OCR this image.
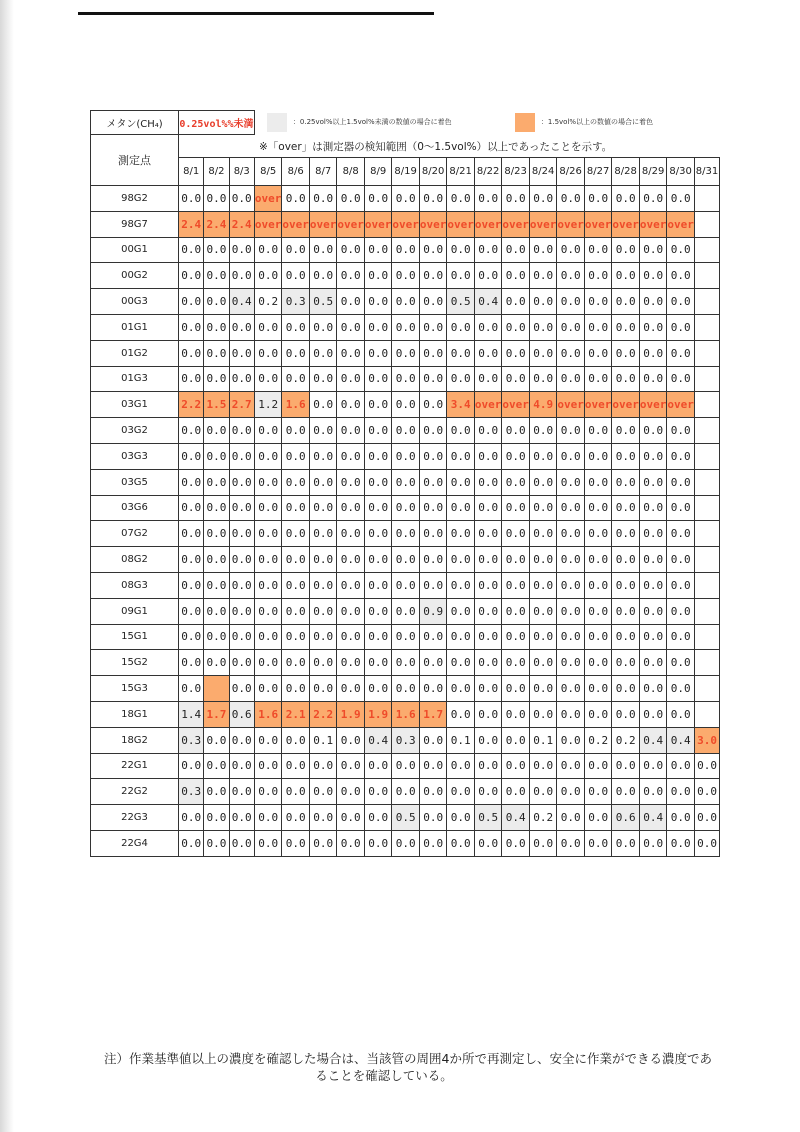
メタン(CH₄)	0.25vol%%未満			：0.25vol%以上1.5vol%未満の数値の場合に着色 ：1.5vol%以上の数値の場合に着色																

測定点	※「over」は測定器の検知範囲（0～1.5vol%）以上であったことを示す。																			
	8/1	8/2	8/3	8/5	8/6	8/7	8/8	8/9	8/19	8/20	8/21	8/22	8/23	8/24	8/26	8/27	8/28	8/29	8/30	8/31
98G2	0.0	0.0	0.0	over	0.0	0.0	0.0	0.0	0.0	0.0	0.0	0.0	0.0	0.0	0.0	0.0	0.0	0.0	0.0	
98G7	2.4	2.4	2.4	over	over	over	over	over	over	over	over	over	over	over	over	over	over	over	over	
00G1	0.0	0.0	0.0	0.0	0.0	0.0	0.0	0.0	0.0	0.0	0.0	0.0	0.0	0.0	0.0	0.0	0.0	0.0	0.0	
00G2	0.0	0.0	0.0	0.0	0.0	0.0	0.0	0.0	0.0	0.0	0.0	0.0	0.0	0.0	0.0	0.0	0.0	0.0	0.0	
00G3	0.0	0.0	0.4	0.2	0.3	0.5	0.0	0.0	0.0	0.0	0.5	0.4	0.0	0.0	0.0	0.0	0.0	0.0	0.0	
01G1	0.0	0.0	0.0	0.0	0.0	0.0	0.0	0.0	0.0	0.0	0.0	0.0	0.0	0.0	0.0	0.0	0.0	0.0	0.0	
01G2	0.0	0.0	0.0	0.0	0.0	0.0	0.0	0.0	0.0	0.0	0.0	0.0	0.0	0.0	0.0	0.0	0.0	0.0	0.0	
01G3	0.0	0.0	0.0	0.0	0.0	0.0	0.0	0.0	0.0	0.0	0.0	0.0	0.0	0.0	0.0	0.0	0.0	0.0	0.0	
03G1	2.2	1.5	2.7	1.2	1.6	0.0	0.0	0.0	0.0	0.0	3.4	over	over	4.9	over	over	over	over	over	
03G2	0.0	0.0	0.0	0.0	0.0	0.0	0.0	0.0	0.0	0.0	0.0	0.0	0.0	0.0	0.0	0.0	0.0	0.0	0.0	
03G3	0.0	0.0	0.0	0.0	0.0	0.0	0.0	0.0	0.0	0.0	0.0	0.0	0.0	0.0	0.0	0.0	0.0	0.0	0.0	
03G5	0.0	0.0	0.0	0.0	0.0	0.0	0.0	0.0	0.0	0.0	0.0	0.0	0.0	0.0	0.0	0.0	0.0	0.0	0.0	
03G6	0.0	0.0	0.0	0.0	0.0	0.0	0.0	0.0	0.0	0.0	0.0	0.0	0.0	0.0	0.0	0.0	0.0	0.0	0.0	
07G2	0.0	0.0	0.0	0.0	0.0	0.0	0.0	0.0	0.0	0.0	0.0	0.0	0.0	0.0	0.0	0.0	0.0	0.0	0.0	
08G2	0.0	0.0	0.0	0.0	0.0	0.0	0.0	0.0	0.0	0.0	0.0	0.0	0.0	0.0	0.0	0.0	0.0	0.0	0.0	
08G3	0.0	0.0	0.0	0.0	0.0	0.0	0.0	0.0	0.0	0.0	0.0	0.0	0.0	0.0	0.0	0.0	0.0	0.0	0.0	
09G1	0.0	0.0	0.0	0.0	0.0	0.0	0.0	0.0	0.0	0.9	0.0	0.0	0.0	0.0	0.0	0.0	0.0	0.0	0.0	
15G1	0.0	0.0	0.0	0.0	0.0	0.0	0.0	0.0	0.0	0.0	0.0	0.0	0.0	0.0	0.0	0.0	0.0	0.0	0.0	
15G2	0.0	0.0	0.0	0.0	0.0	0.0	0.0	0.0	0.0	0.0	0.0	0.0	0.0	0.0	0.0	0.0	0.0	0.0	0.0	
15G3	0.0		0.0	0.0	0.0	0.0	0.0	0.0	0.0	0.0	0.0	0.0	0.0	0.0	0.0	0.0	0.0	0.0	0.0	
18G1	1.4	1.7	0.6	1.6	2.1	2.2	1.9	1.9	1.6	1.7	0.0	0.0	0.0	0.0	0.0	0.0	0.0	0.0	0.0	
18G2	0.3	0.0	0.0	0.0	0.0	0.1	0.0	0.4	0.3	0.0	0.1	0.0	0.0	0.1	0.0	0.2	0.2	0.4	0.4	3.0
22G1	0.0	0.0	0.0	0.0	0.0	0.0	0.0	0.0	0.0	0.0	0.0	0.0	0.0	0.0	0.0	0.0	0.0	0.0	0.0	0.0
22G2	0.3	0.0	0.0	0.0	0.0	0.0	0.0	0.0	0.0	0.0	0.0	0.0	0.0	0.0	0.0	0.0	0.0	0.0	0.0	0.0
22G3	0.0	0.0	0.0	0.0	0.0	0.0	0.0	0.0	0.5	0.0	0.0	0.5	0.4	0.2	0.0	0.0	0.6	0.4	0.0	0.0
22G4	0.0	0.0	0.0	0.0	0.0	0.0	0.0	0.0	0.0	0.0	0.0	0.0	0.0	0.0	0.0	0.0	0.0	0.0	0.0	0.0
注）作業基準値以上の濃度を確認した場合は、当該管の周囲4か所で再測定し、安全に作業ができる濃度であ
ることを確認している。
